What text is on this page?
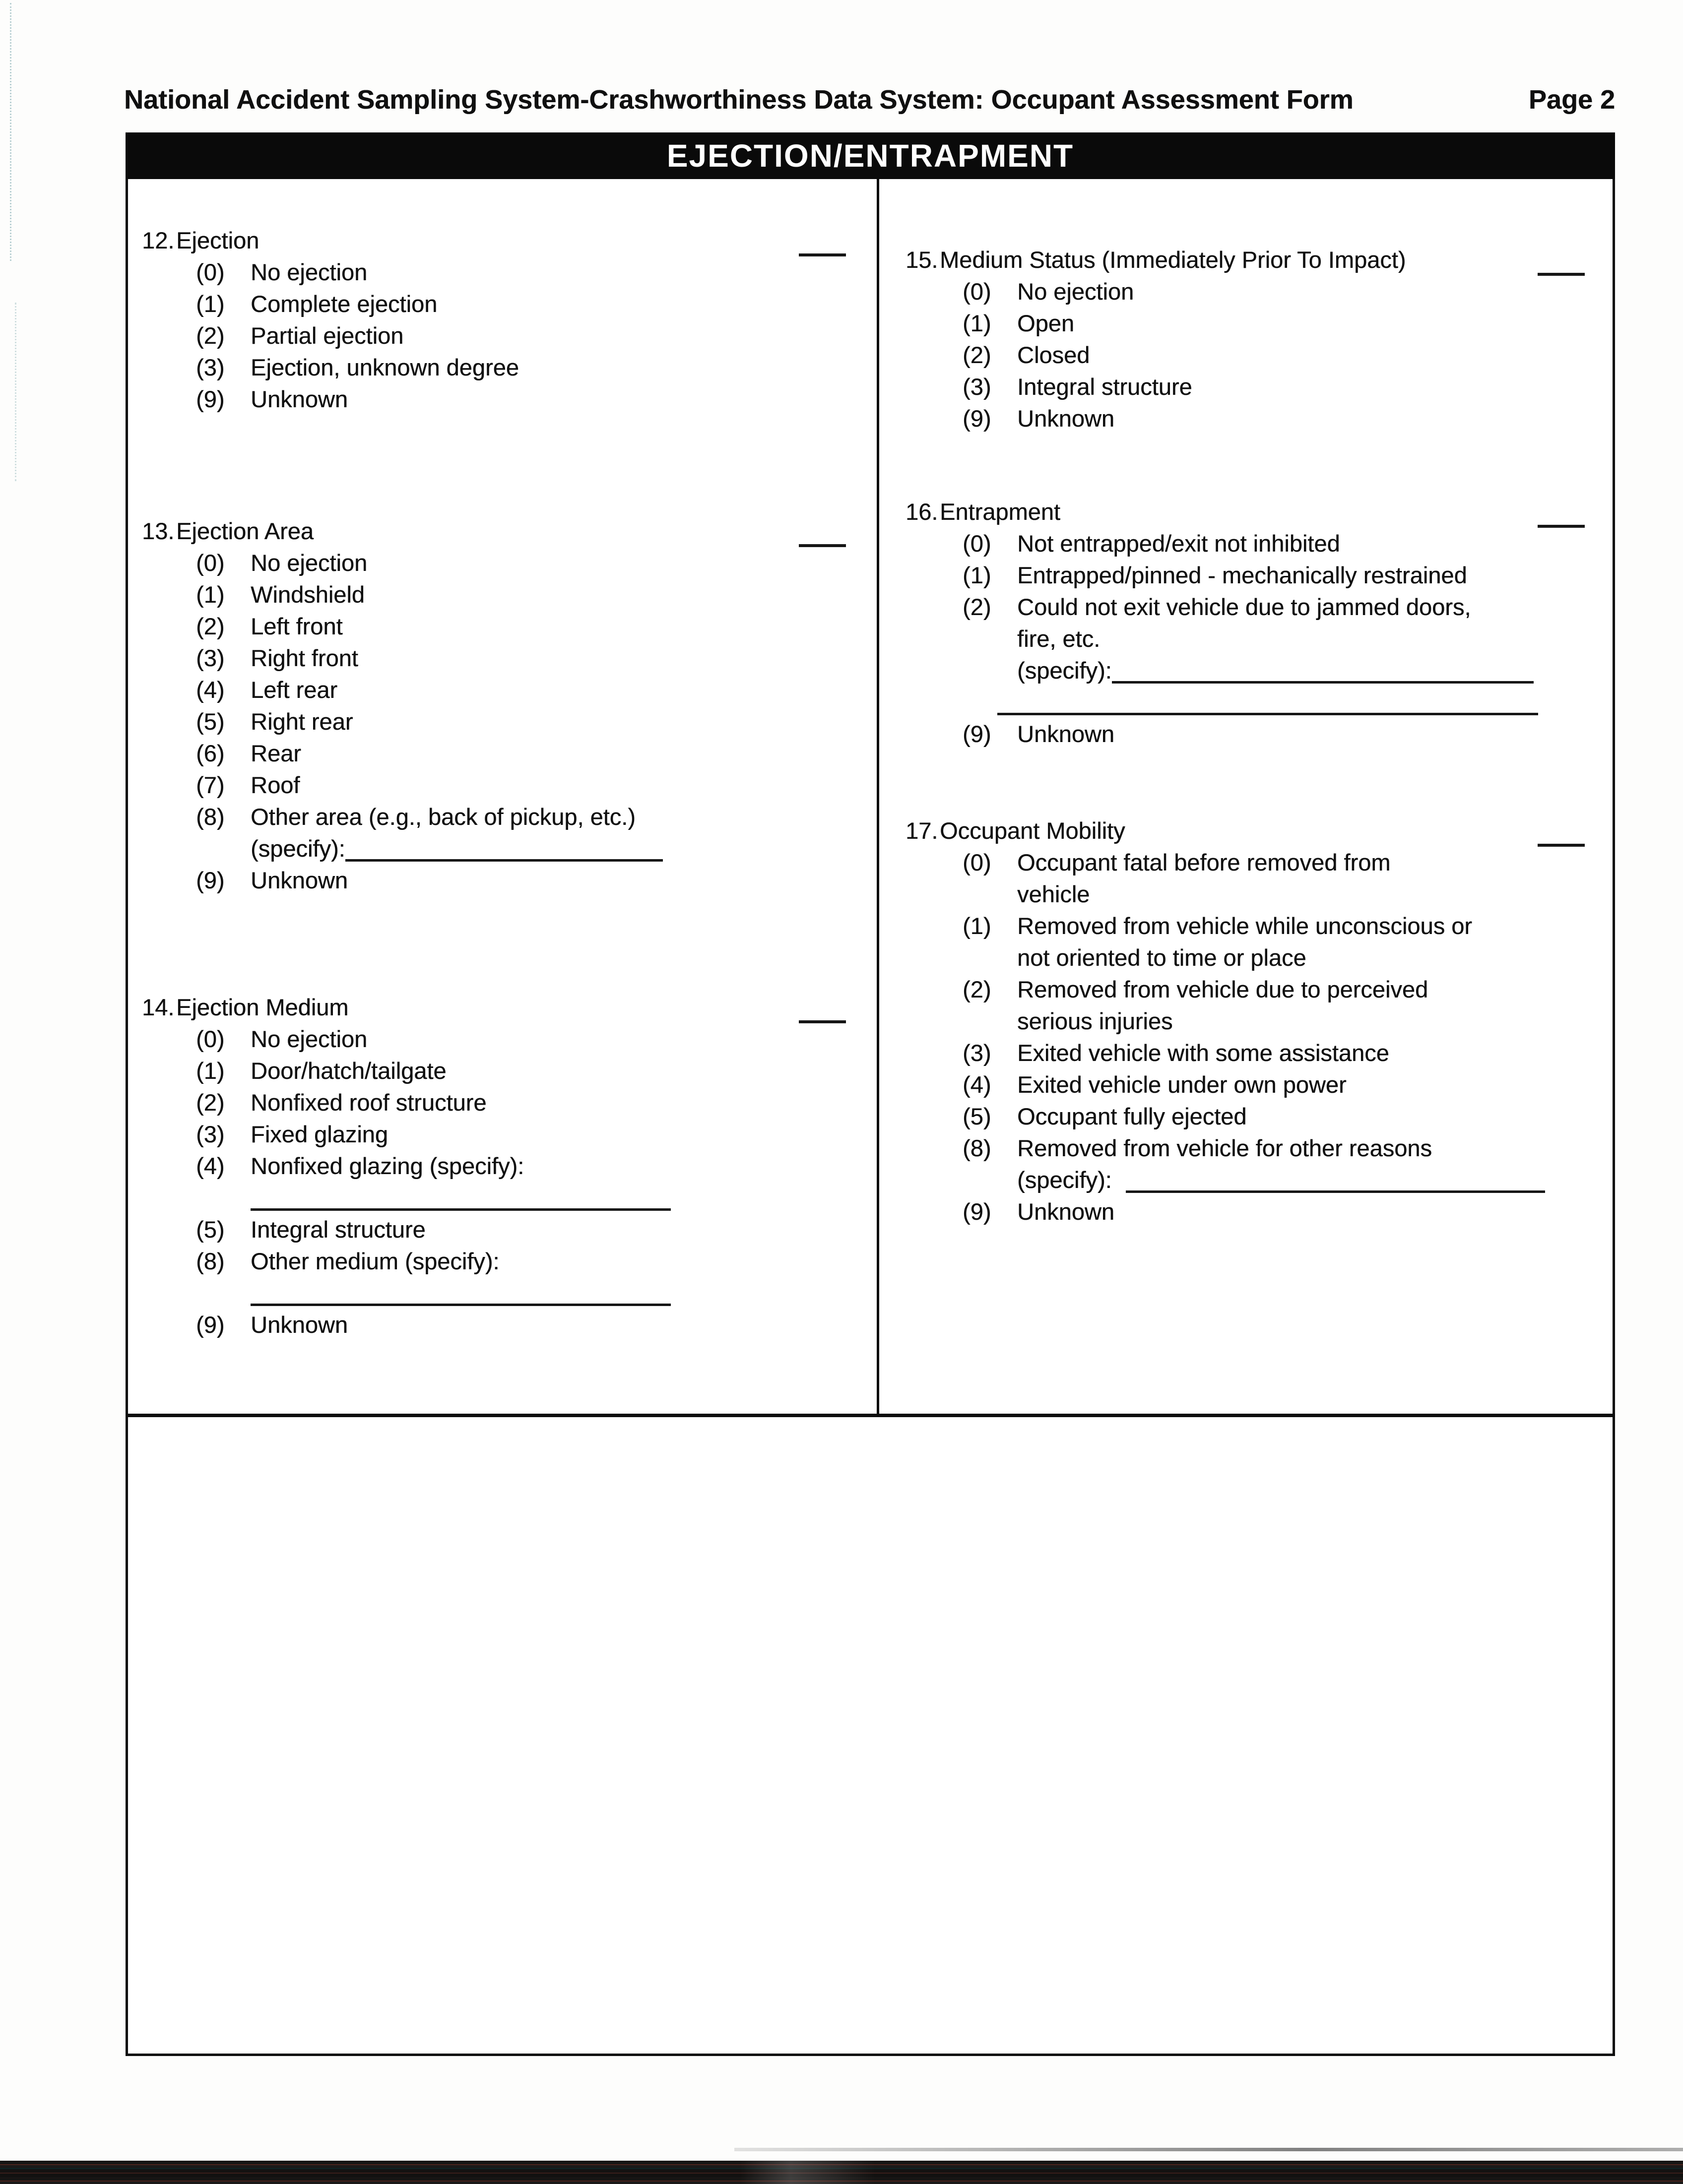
National Accident Sampling System-Crashworthiness Data System: Occupant Assessment Form	Page 2
EJECTION/ENTRAPMENT
12. Ejection
(0)	No ejection
(1)	Complete ejection
(2)	Partial ejection
(3)	Ejection, unknown degree
(9)	Unknown
13. Ejection Area
(0)	No ejection
(1)	Windshield
(2)	Left front
(3)	Right front
(4)	Left rear
(5)	Right rear
(6)	Rear
(7)	Roof
(8)	Other area (e.g., back of pickup, etc.)
(specify):
(9)	Unknown
14. Ejection Medium
(0)	No ejection
(1)	Door/hatch/tailgate
(2)	Nonfixed roof structure
(3)	Fixed glazing
(4)	Nonfixed glazing (specify):
(5)	Integral structure
(8)	Other medium (specify):
(9)	Unknown
15. Medium Status (Immediately Prior To Impact)
(0)	No ejection
(1)	Open
(2)	Closed
(3)	Integral structure
(9)	Unknown
16. Entrapment
(0)	Not entrapped/exit not inhibited
(1)	Entrapped/pinned - mechanically restrained
(2)	Could not exit vehicle due to jammed doors,
fire, etc.
(specify):
(9)	Unknown
17. Occupant Mobility
(0)	Occupant fatal before removed from
vehicle
(1)	Removed from vehicle while unconscious or
not oriented to time or place
(2)	Removed from vehicle due to perceived
serious injuries
(3)	Exited vehicle with some assistance
(4)	Exited vehicle under own power
(5)	Occupant fully ejected
(8)	Removed from vehicle for other reasons
(specify):
(9)	Unknown
